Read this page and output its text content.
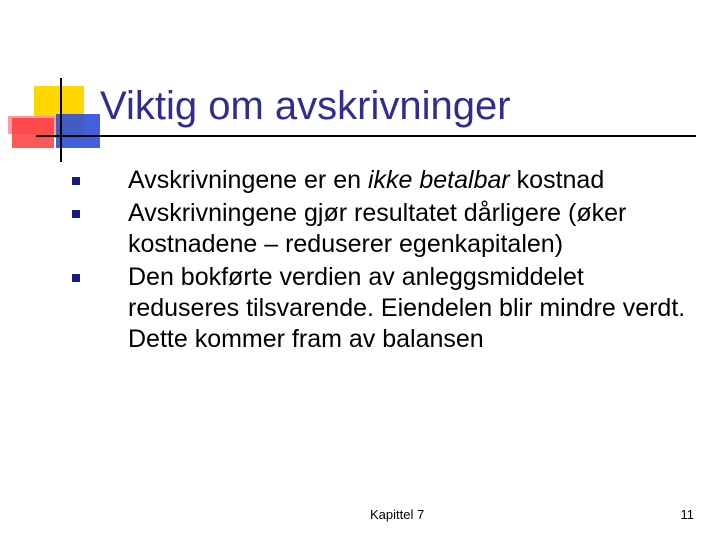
Viktig om avskrivninger
Avskrivningene er en ikke betalbar kostnad
Avskrivningene gjør resultatet dårligere (øker kostnadene – reduserer egenkapitalen)
Den bokførte verdien av anleggsmiddelet reduseres tilsvarende. Eiendelen blir mindre verdt. Dette kommer fram av balansen
Kapittel 7	11
